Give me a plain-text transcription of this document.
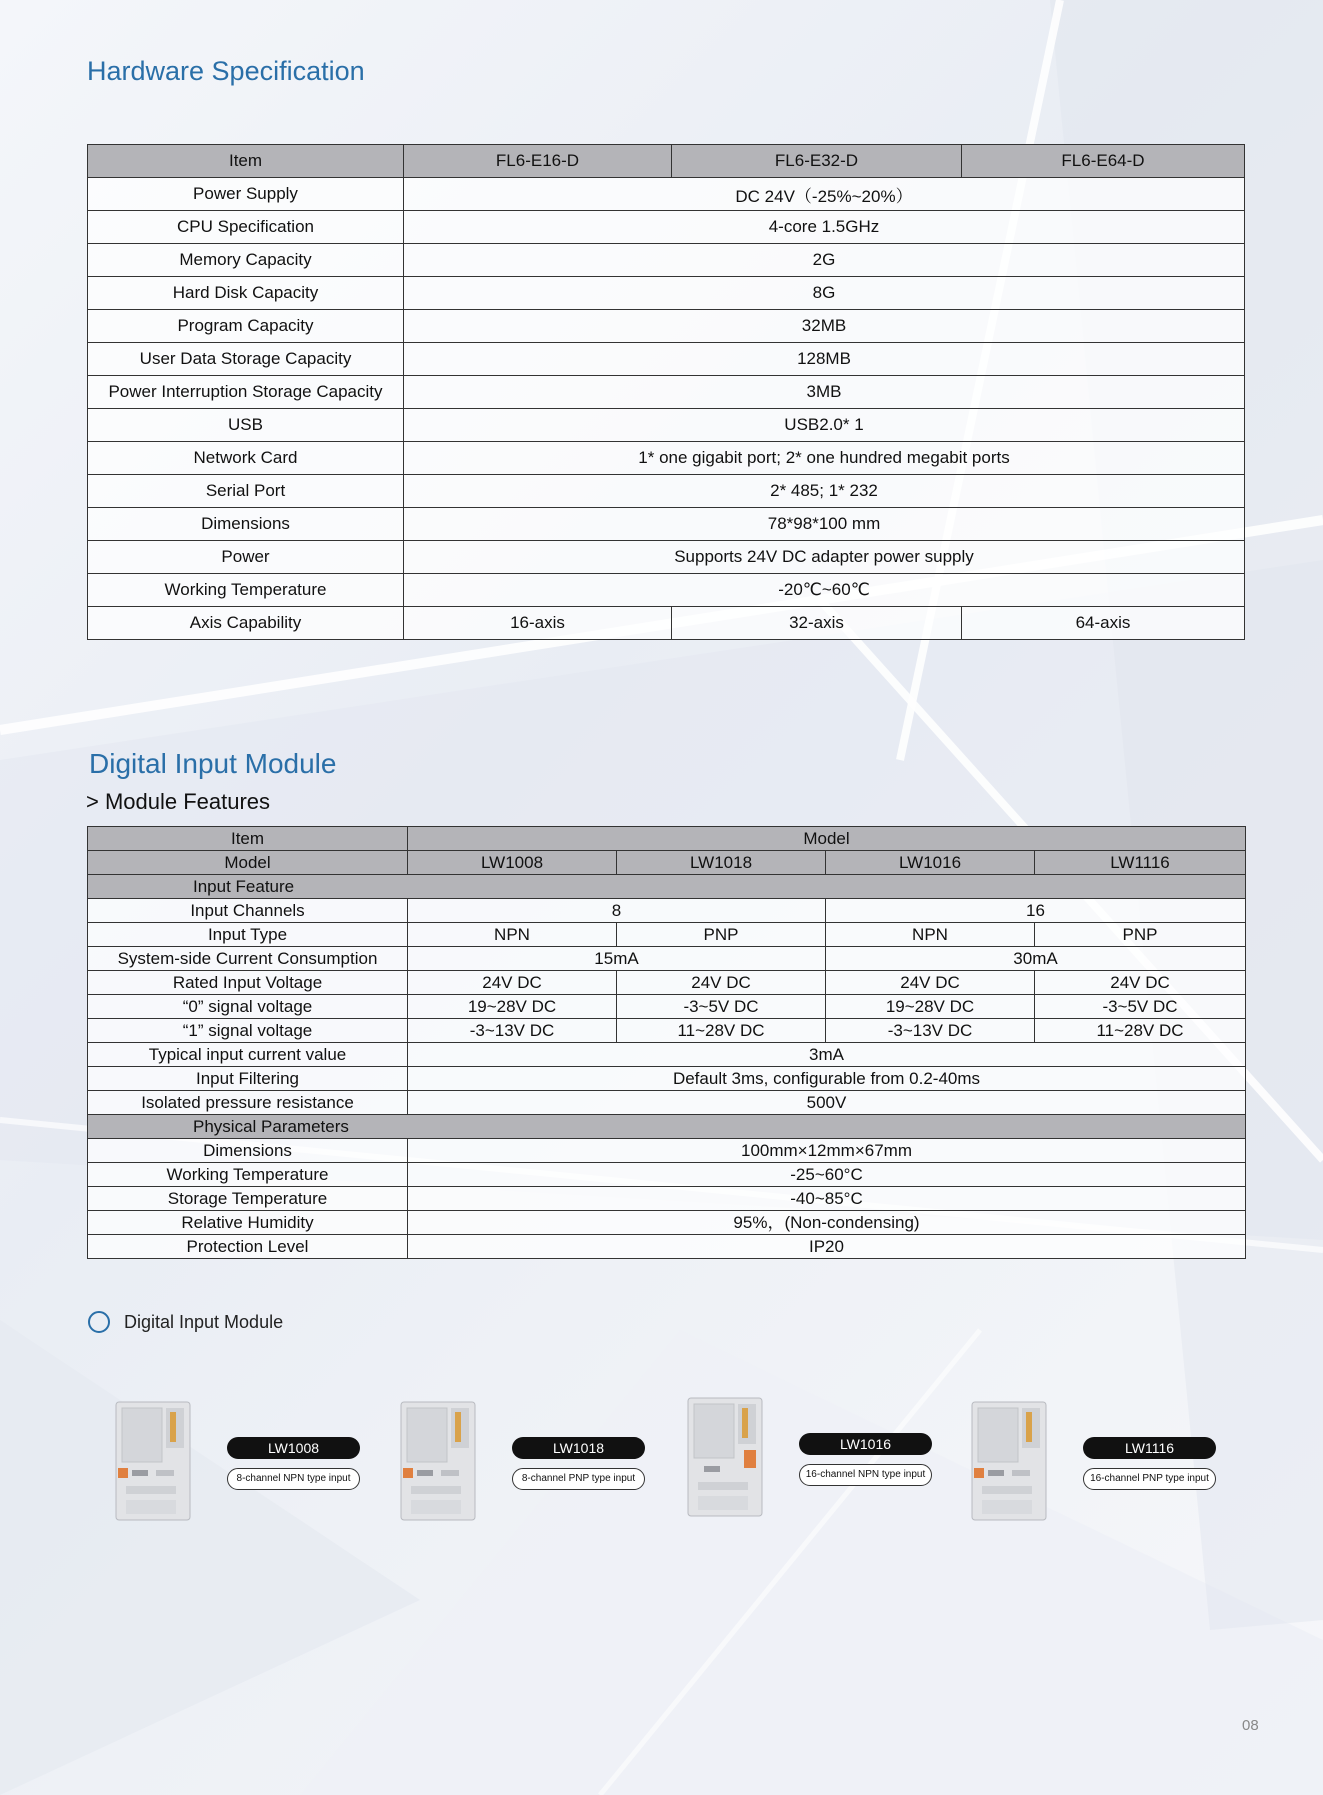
Hardware Specification
Item	FL6-E16-D	FL6-E32-D	FL6-E64-D
Power Supply	DC 24V（-25%~20%）		
CPU Specification	4-core 1.5GHz		
Memory Capacity	2G		
Hard Disk Capacity	8G		
Program Capacity	32MB		
User Data Storage Capacity	128MB		
Power Interruption Storage Capacity	3MB		
USB	USB2.0* 1		
Network Card	1* one gigabit port; 2* one hundred megabit ports		
Serial Port	2* 485; 1* 232		
Dimensions	78*98*100 mm		
Power	Supports 24V DC adapter power supply		
Working Temperature	-20℃~60℃		
Axis Capability	16-axis	32-axis	64-axis
Digital Input Module
> Module Features
Item	Model			
Model	LW1008	LW1018	LW1016	LW1116
Input Feature				
Input Channels	8		16	
Input Type	NPN	PNP	NPN	PNP
System-side Current Consumption	15mA		30mA	
Rated Input Voltage	24V DC	24V DC	24V DC	24V DC
“0” signal voltage	19~28V DC	-3~5V DC	19~28V DC	-3~5V DC
“1” signal voltage	-3~13V DC	11~28V DC	-3~13V DC	11~28V DC
Typical input current value	3mA			
Input Filtering	Default 3ms, configurable from 0.2-40ms			
Isolated pressure resistance	500V			
Physical Parameters				
Dimensions	100mm×12mm×67mm			
Working Temperature	-25~60°C			
Storage Temperature	-40~85°C			
Relative Humidity	95%，(Non-condensing)			
Protection Level	IP20			
Digital Input Module
LW1008
8-channel NPN type input
LW1018
8-channel PNP type input
LW1016
16-channel NPN type input
LW1116
16-channel PNP type input
08
